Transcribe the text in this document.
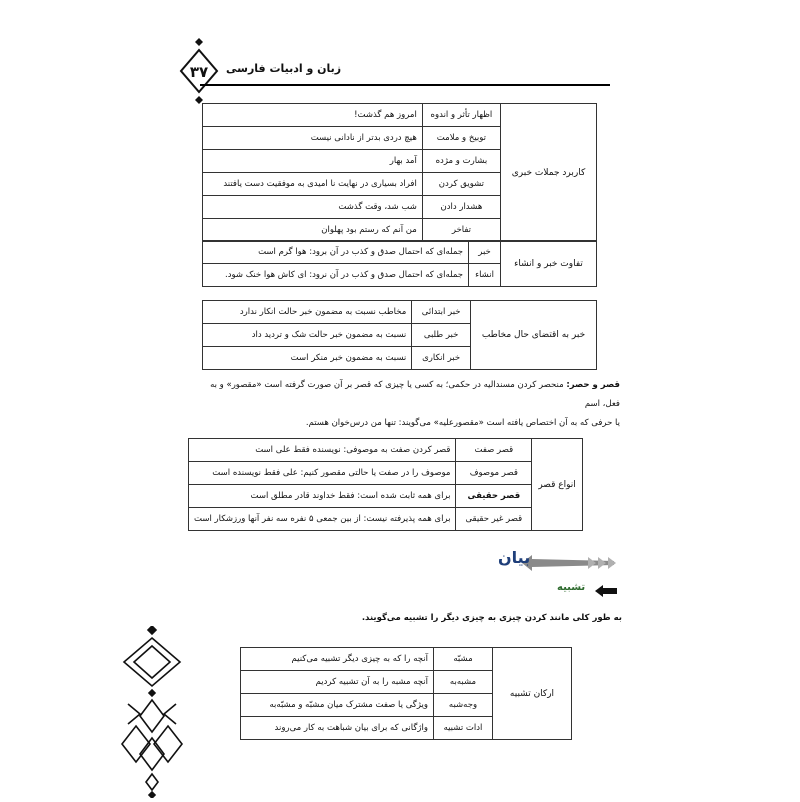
۳۷	زبان و ادبیات فارسی
کاربرد جملات خبری	اظهار تأثر و اندوه	امروز هم گذشت!
	توبیخ و ملامت	هیچ دردی بدتر از نادانی نیست
	بشارت و مژده	آمد بهار
	تشویق کردن	افراد بسیاری در نهایت نا امیدی به موفقیت دست یافتند
	هشدار دادن	شب شد، وقت گذشت
	تفاخر	من آنم که رستم بود پهلوان
تفاوت خبر و انشاء	خبر	جمله‌ای که احتمال صدق و کذب در آن برود: هوا گرم است
	انشاء	جمله‌ای که احتمال صدق و کذب در آن نرود: ای کاش هوا خنک شود.
خبر به اقتضای حال مخاطب	خبر ابتدائی	مخاطب نسبت به مضمون خبر حالت انکار ندارد
	خبر طلبی	نسبت به مضمون خبر حالت شک و تردید داد
	خبر انکاری	نسبت به مضمون خبر منکر است
قصر و حصر: منحصر کردن مسندالیه در حکمی؛ به کسی یا چیزی که قصر بر آن صورت گرفته است «مقصور» و به فعل، اسم
یا حرفی که به آن اختصاص یافته است «مقصورعلیه» می‌گویند: تنها من درس‌خوان هستم.
انواع قصر	قصر صفت	قصر کردن صفت به موصوفی: نویسنده فقط علی است
	قصر موصوف	موصوف را در صفت یا حالتی مقصور کنیم: علی فقط نویسنده است
	قصر حقیقی	برای همه ثابت شده است: فقط خداوند قادر مطلق است
	قصر غیر حقیقی	برای همه پذیرفته نیست: از بین جمعی ۵ نفره سه نفر آنها ورزشکار است
بیان
تشبیه
به طور کلی مانند کردن چیزی به چیزی دیگر را تشبیه می‌گویند.
ارکان تشبیه	مشبّه	آنچه را که به چیزی دیگر تشبیه می‌کنیم
	مشبه‌به	آنچه مشبه را به آن تشبیه کردیم
	وجه‌شبه	ویژگی یا صفت مشترک میان مشبّه و مشبّه‌به
	ادات تشبیه	واژگانی که برای بیان شباهت به کار می‌روند
